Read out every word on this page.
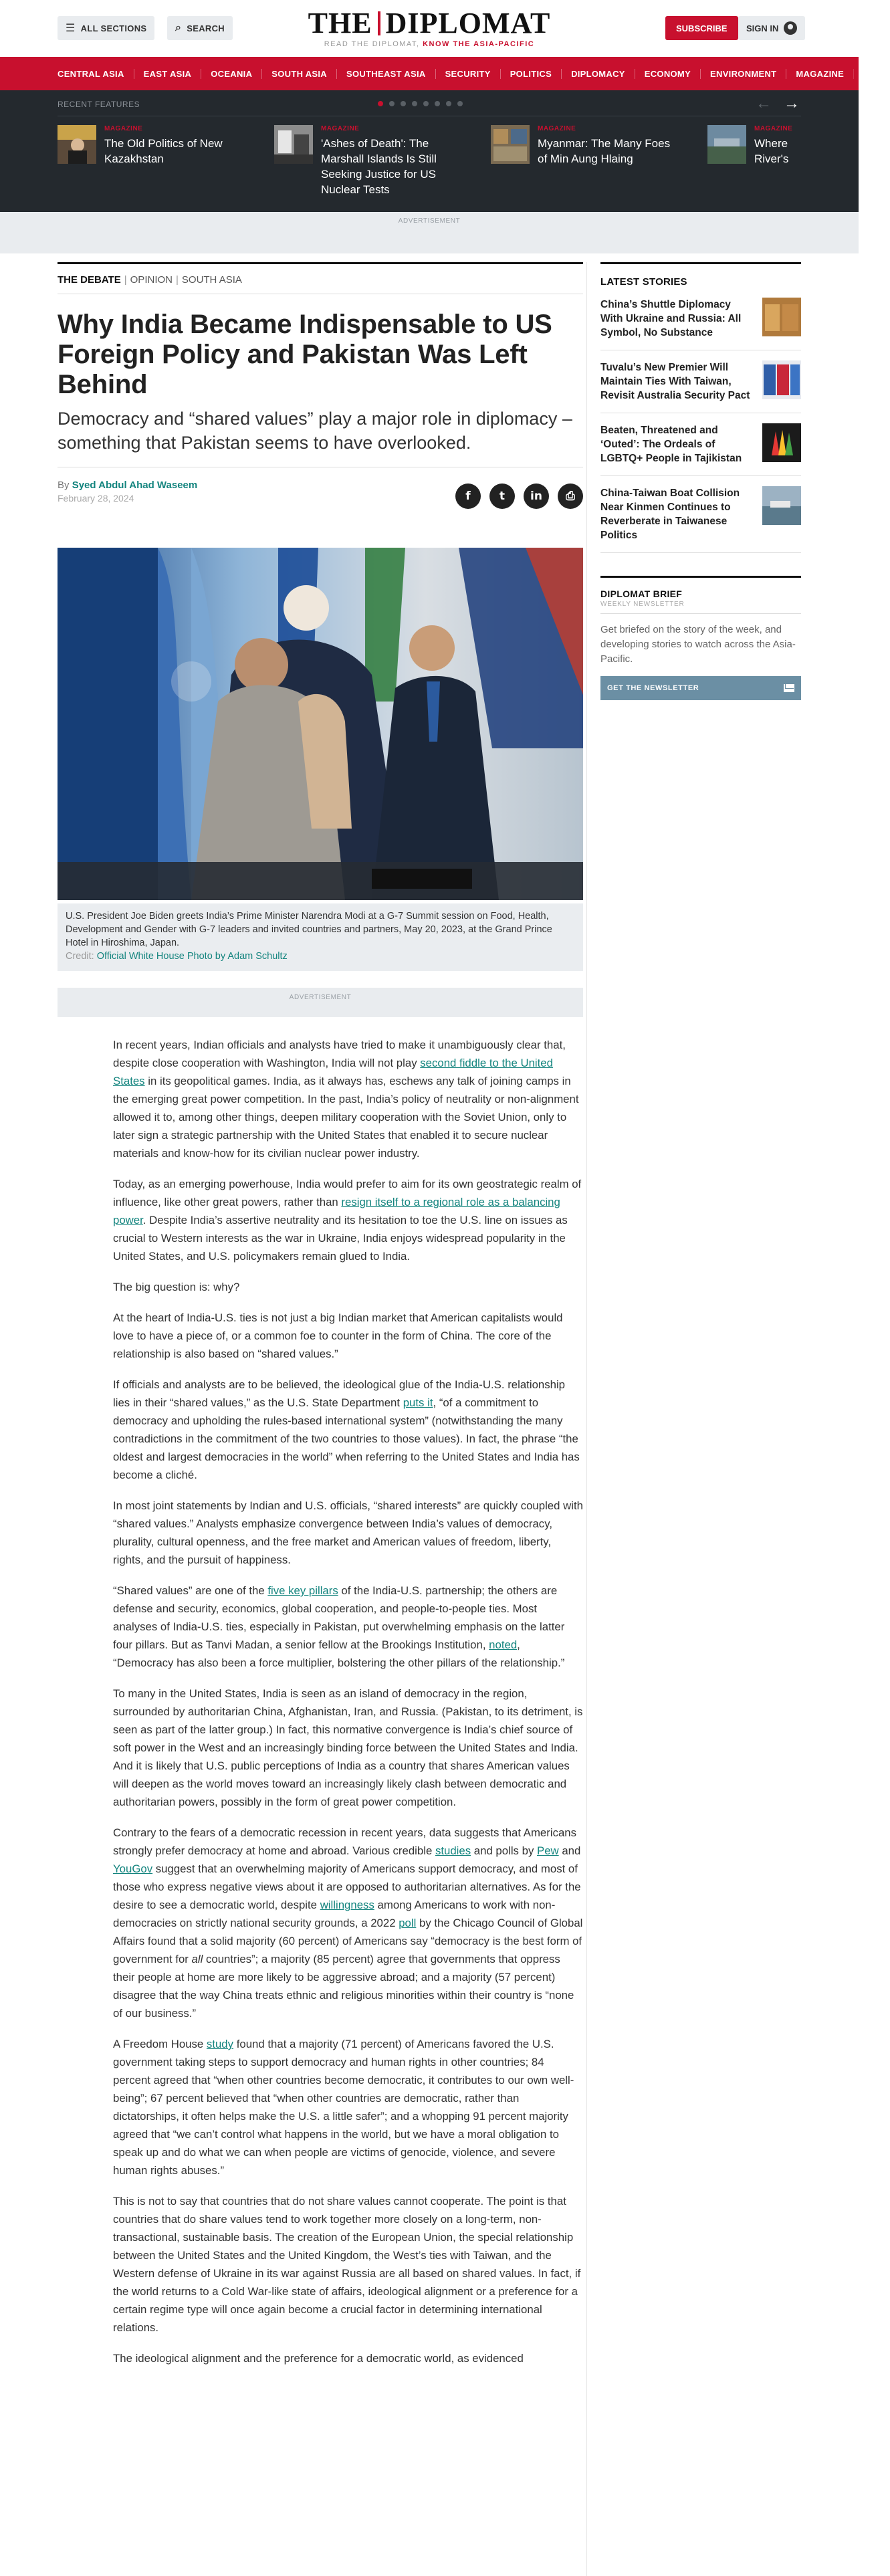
☰ ALL SECTIONS	⌕ SEARCH	THE DIPLOMAT
READ THE DIPLOMAT, KNOW THE ASIA-PACIFIC
SUBSCRIBE	SIGN IN
CENTRAL ASIA	EAST ASIA	OCEANIA	SOUTH ASIA	SOUTHEAST ASIA	SECURITY	POLITICS	DIPLOMACY	ECONOMY	ENVIRONMENT	MAGAZINE	ALL
RECENT FEATURES	← →
MAGAZINE
The Old Politics of New Kazakhstan
MAGAZINE
'Ashes of Death': The Marshall Islands Is Still Seeking Justice for US Nuclear Tests
MAGAZINE
Myanmar: The Many Foes of Min Aung Hlaing
MAGAZINE
Where River's
ADVERTISEMENT
THE DEBATE | OPINION | SOUTH ASIA
Why India Became Indispensable to US Foreign Policy and Pakistan Was Left Behind
Democracy and “shared values” play a major role in diplomacy – something that Pakistan seems to have overlooked.
By Syed Abdul Ahad Waseem
February 28, 2024	f	t	in	⎙
U.S. President Joe Biden greets India’s Prime Minister Narendra Modi at a G-7 Summit session on Food, Health, Development and Gender with G-7 leaders and invited countries and partners, May 20, 2023, at the Grand Prince Hotel in Hiroshima, Japan.
Credit: Official White House Photo by Adam Schultz
ADVERTISEMENT

In recent years, Indian officials and analysts have tried to make it unambiguously clear that, despite close cooperation with Washington, India will not play second fiddle to the United States in its geopolitical games. India, as it always has, eschews any talk of joining camps in the emerging great power competition. In the past, India’s policy of neutrality or non-alignment allowed it to, among other things, deepen military cooperation with the Soviet Union, only to later sign a strategic partnership with the United States that enabled it to secure nuclear materials and know-how for its civilian nuclear power industry.

Today, as an emerging powerhouse, India would prefer to aim for its own geostrategic realm of influence, like other great powers, rather than resign itself to a regional role as a balancing power. Despite India’s assertive neutrality and its hesitation to toe the U.S. line on issues as crucial to Western interests as the war in Ukraine, India enjoys widespread popularity in the United States, and U.S. policymakers remain glued to India.

The big question is: why?

At the heart of India-U.S. ties is not just a big Indian market that American capitalists would love to have a piece of, or a common foe to counter in the form of China. The core of the relationship is also based on “shared values.”

If officials and analysts are to be believed, the ideological glue of the India-U.S. relationship lies in their “shared values,” as the U.S. State Department puts it, “of a commitment to democracy and upholding the rules-based international system” (notwithstanding the many contradictions in the commitment of the two countries to those values). In fact, the phrase “the oldest and largest democracies in the world” when referring to the United States and India has become a cliché.

In most joint statements by Indian and U.S. officials, “shared interests” are quickly coupled with “shared values.” Analysts emphasize convergence between India’s values of democracy, plurality, cultural openness, and the free market and American values of freedom, liberty, rights, and the pursuit of happiness.

“Shared values” are one of the five key pillars of the India-U.S. partnership; the others are defense and security, economics, global cooperation, and people-to-people ties. Most analyses of India-U.S. ties, especially in Pakistan, put overwhelming emphasis on the latter four pillars. But as Tanvi Madan, a senior fellow at the Brookings Institution, noted, “Democracy has also been a force multiplier, bolstering the other pillars of the relationship.”

To many in the United States, India is seen as an island of democracy in the region, surrounded by authoritarian China, Afghanistan, Iran, and Russia. (Pakistan, to its detriment, is seen as part of the latter group.) In fact, this normative convergence is India’s chief source of soft power in the West and an increasingly binding force between the United States and India. And it is likely that U.S. public perceptions of India as a country that shares American values will deepen as the world moves toward an increasingly likely clash between democratic and authoritarian powers, possibly in the form of great power competition.

Contrary to the fears of a democratic recession in recent years, data suggests that Americans strongly prefer democracy at home and abroad. Various credible studies and polls by Pew and YouGov suggest that an overwhelming majority of Americans support democracy, and most of those who express negative views about it are opposed to authoritarian alternatives. As for the desire to see a democratic world, despite willingness among Americans to work with non-democracies on strictly national security grounds, a 2022 poll by the Chicago Council of Global Affairs found that a solid majority (60 percent) of Americans say “democracy is the best form of government for all countries”; a majority (85 percent) agree that governments that oppress their people at home are more likely to be aggressive abroad; and a majority (57 percent) disagree that the way China treats ethnic and religious minorities within their country is “none of our business.”

A Freedom House study found that a majority (71 percent) of Americans favored the U.S. government taking steps to support democracy and human rights in other countries; 84 percent agreed that “when other countries become democratic, it contributes to our own well-being”; 67 percent believed that “when other countries are democratic, rather than dictatorships, it often helps make the U.S. a little safer”; and a whopping 91 percent majority agreed that “we can’t control what happens in the world, but we have a moral obligation to speak up and do what we can when people are victims of genocide, violence, and severe human rights abuses.”

This is not to say that countries that do not share values cannot cooperate. The point is that countries that do share values tend to work together more closely on a long-term, non-transactional, sustainable basis. The creation of the European Union, the special relationship between the United States and the United Kingdom, the West’s ties with Taiwan, and the Western defense of Ukraine in its war against Russia are all based on shared values. In fact, if the world returns to a Cold War-like state of affairs, ideological alignment or a preference for a certain regime type will once again become a crucial factor in determining international relations.

The ideological alignment and the preference for a democratic world, as evidenced

LATEST STORIES
China’s Shuttle Diplomacy With Ukraine and Russia: All Symbol, No Substance
Tuvalu’s New Premier Will Maintain Ties With Taiwan, Revisit Australia Security Pact
Beaten, Threatened and ‘Outed’: The Ordeals of LGBTQ+ People in Tajikistan
China-Taiwan Boat Collision Near Kinmen Continues to Reverberate in Taiwanese Politics
DIPLOMAT BRIEF
WEEKLY NEWSLETTER

Get briefed on the story of the week, and developing stories to watch across the Asia-Pacific.

GET THE NEWSLETTER
